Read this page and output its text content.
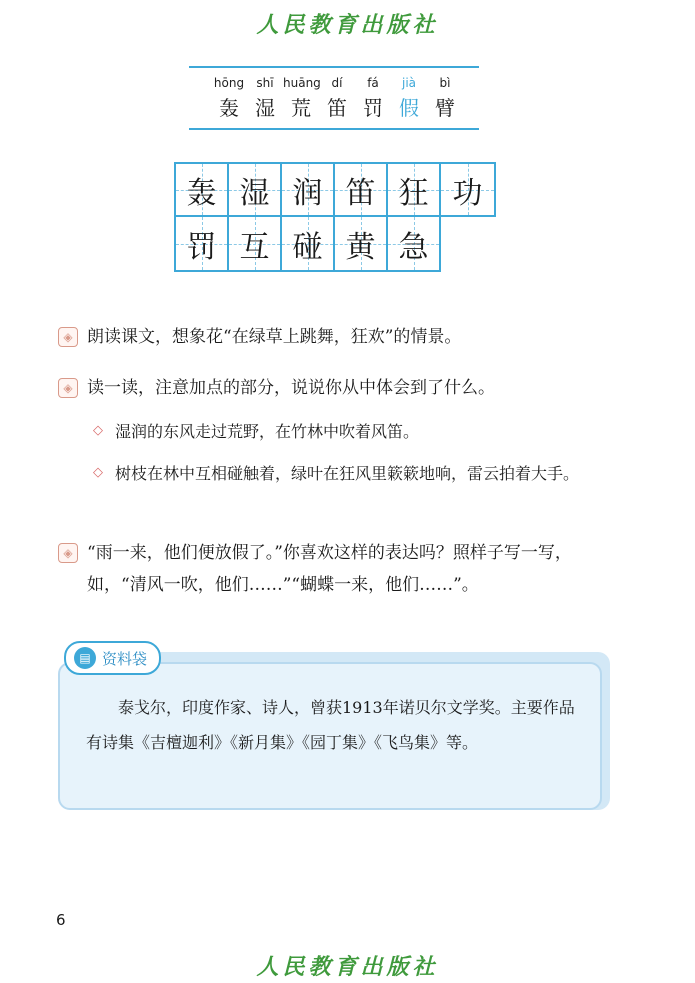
人民教育出版社
hōng	shī huāng dí	fá	jià	bì
轰 湿 荒 笛 罚 假 臂
轰 湿 润 笛 狂 功
罚 互 碰 黄 急
◈ 朗读课文，想象花“在绿草上跳舞，狂欢”的情景。
◈ 读一读，注意加点的部分，说说你从中体会到了什么。
◇ 湿润的东风走过荒野，在竹林中吹着风笛。
◇ 树枝在林中互相碰触着，绿叶在狂风里簌簌地响，雷云拍着大手。
◈ “雨一来，他们便放假了。”你喜欢这样的表达吗？照样子写一写，如，“清风一吹，他们……”“蝴蝶一来，他们……”。
▤ 资料袋
泰戈尔，印度作家、诗人，曾获1913年诺贝尔文学奖。主要作品有诗集《吉檀迦利》《新月集》《园丁集》《飞鸟集》等。
6
人民教育出版社
